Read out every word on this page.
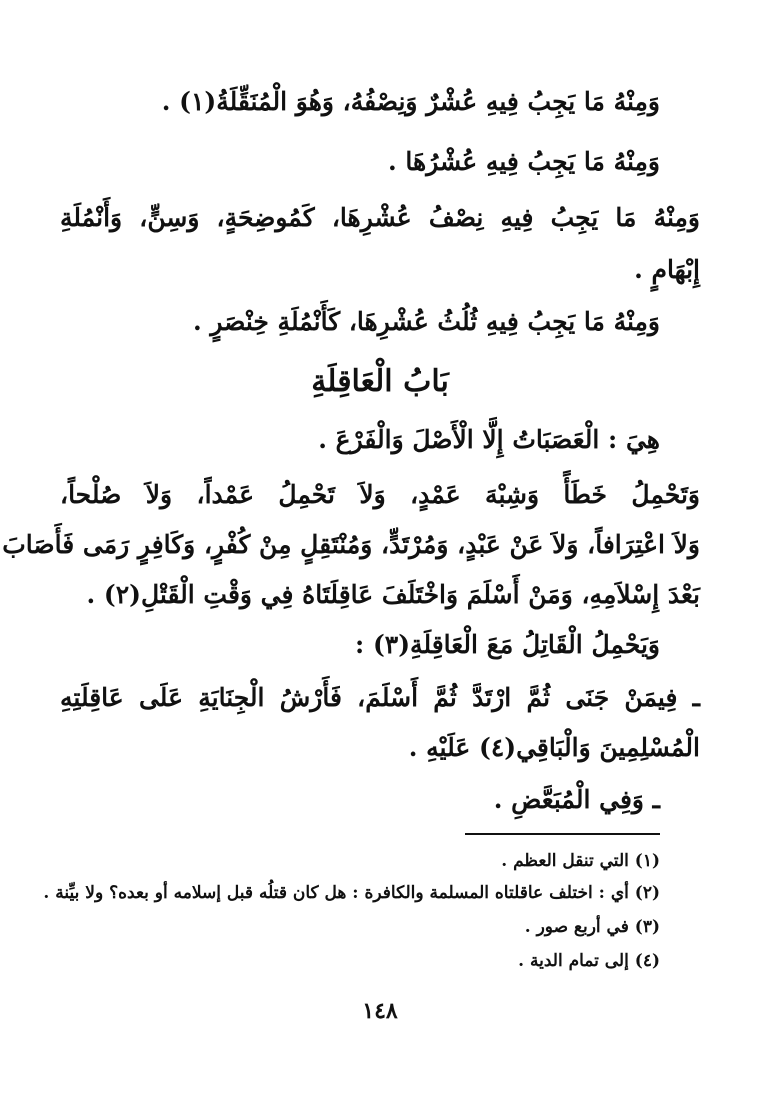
وَمِنْهُ مَا يَجِبُ فِيهِ عُشْرٌ وَنِصْفُهُ، وَهُوَ الْمُنَقِّلَةُ(١) .
وَمِنْهُ مَا يَجِبُ فِيهِ عُشْرُهَا .
وَمِنْهُ مَا يَجِبُ فِيهِ نِصْفُ عُشْرِهَا، كَمُوضِحَةٍ، وَسِنٍّ، وَأَنْمُلَةِ
إِبْهَامٍ .
وَمِنْهُ مَا يَجِبُ فِيهِ ثُلُثُ عُشْرِهَا، كَأَنْمُلَةِ خِنْصَرٍ .
بَابُ الْعَاقِلَةِ
هِيَ : الْعَصَبَاتُ إِلَّا الْأَصْلَ وَالْفَرْعَ .
وَتَحْمِلُ خَطَأً وَشِبْهَ عَمْدٍ، وَلاَ تَحْمِلُ عَمْداً، وَلاَ صُلْحاً،
وَلاَ اعْتِرَافاً، وَلاَ عَنْ عَبْدٍ، وَمُرْتَدٍّ، وَمُنْتَقِلٍ مِنْ كُفْرٍ، وَكَافِرٍ رَمَى فَأَصَابَ
بَعْدَ إِسْلاَمِهِ، وَمَنْ أَسْلَمَ وَاخْتَلَفَ عَاقِلَتَاهُ فِي وَقْتِ الْقَتْلِ(٢) .
وَيَحْمِلُ الْقَاتِلُ مَعَ الْعَاقِلَةِ(٣) :
ـ فِيمَنْ جَنَى ثُمَّ ارْتَدَّ ثُمَّ أَسْلَمَ، فَأَرْشُ الْجِنَايَةِ عَلَى عَاقِلَتِهِ
الْمُسْلِمِينَ وَالْبَاقِي(٤) عَلَيْهِ .
ـ وَفِي الْمُبَعَّضِ .
(١) التي تنقل العظم .
(٢) أي : اختلف عاقلتاه المسلمة والكافرة : هل كان قتلُه قبل إسلامه أو بعده؟ ولا بيِّنة .
(٣) في أربع صور .
(٤) إلى تمام الدية .
١٤٨
